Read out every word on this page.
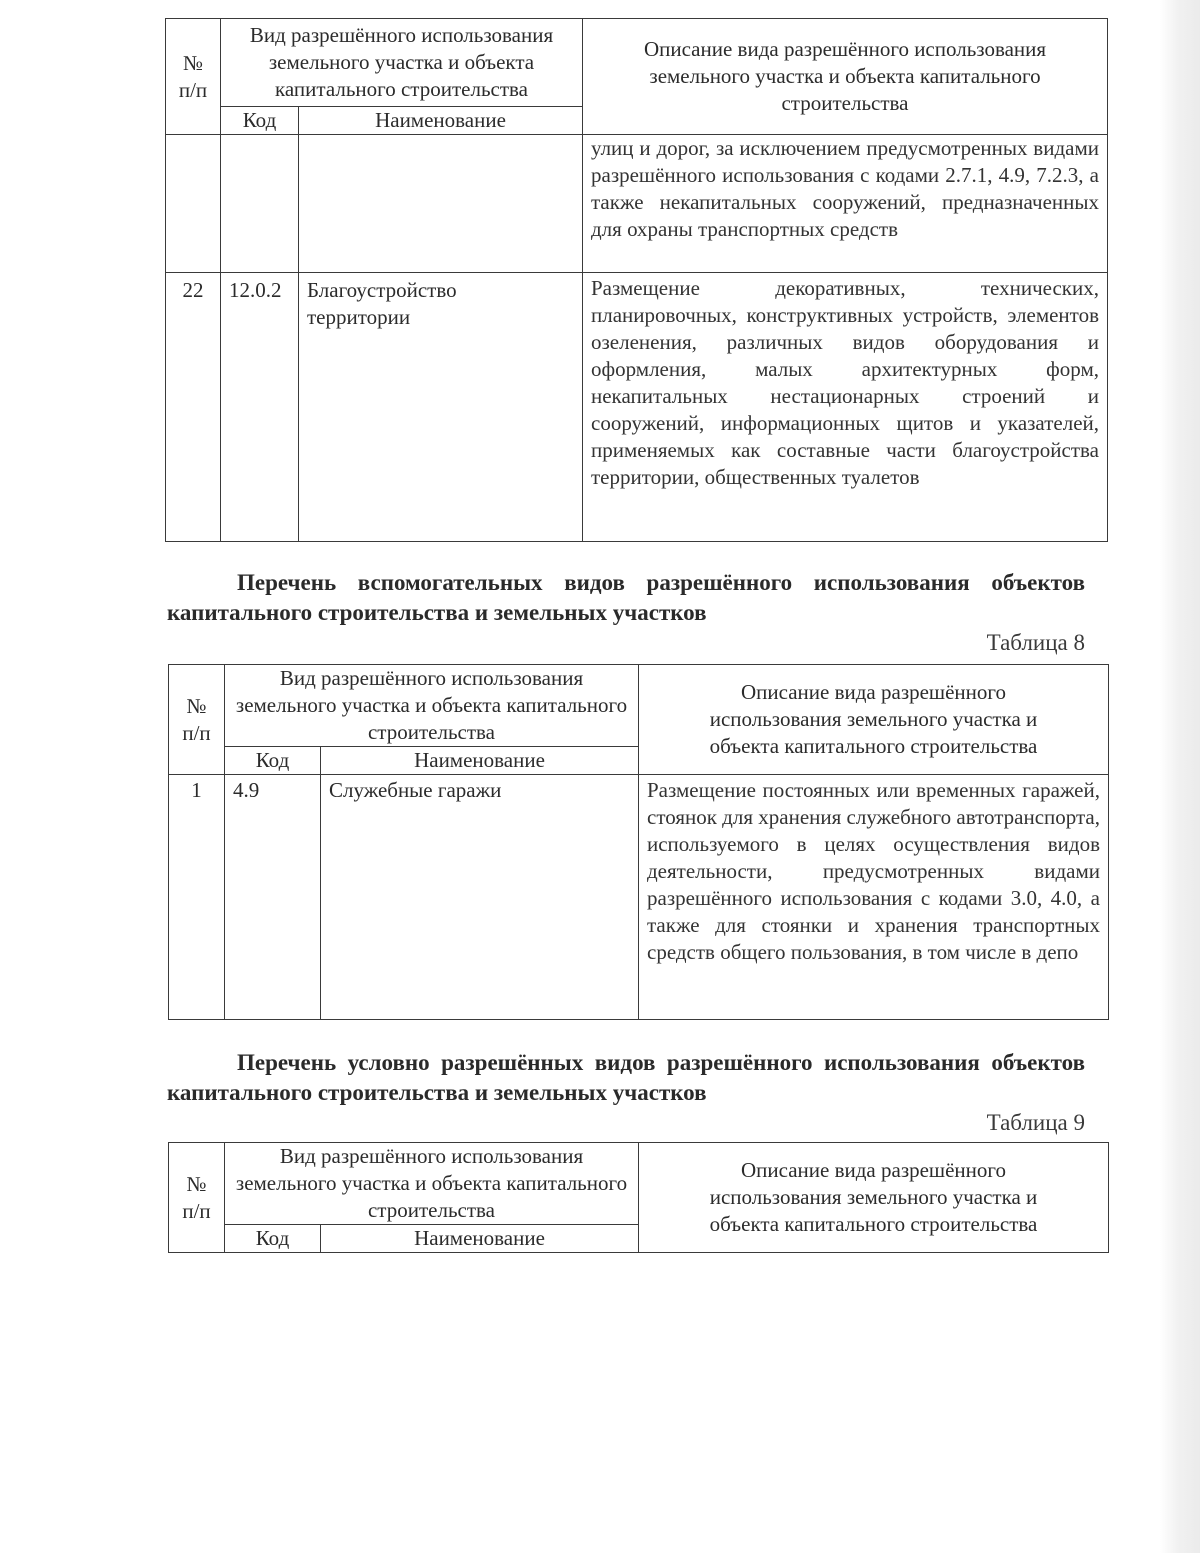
№ п/п	Вид разрешённого использования земельного участка и объекта капитального строительства		Описание вида разрешённого использования земельного участка и объекта капитального строительства
	Код	Наименование	

			улиц и дорог, за исключением предусмотренных видами разрешённого использования с кодами 2.7.1, 4.9, 7.2.3, а также некапитальных сооружений, предназначенных для охраны транспортных средств

22	12.0.2	Благоустройство территории	Размещение декоративных, технических, планировочных, конструктивных устройств, элементов озеленения, различных видов оборудования и оформления, малых архитектурных форм, некапитальных нестационарных строений и сооружений, информационных щитов и указателей, применяемых как составные части благоустройства территории, общественных туалетов
Перечень вспомогательных видов разрешённого использования объектов капитального строительства и земельных участков
Таблица 8
№ п/п	Вид разрешённого использования земельного участка и объекта капитального строительства		Описание вида разрешённого использования земельного участка и объекта капитального строительства
	Код	Наименование	
1	4.9	Служебные гаражи	Размещение постоянных или временных гаражей, стоянок для хранения служебного автотранспорта, используемого в целях осуществления видов деятельности, предусмотренных видами разрешённого использования с кодами 3.0, 4.0, а также для стоянки и хранения транспортных средств общего пользования, в том числе в депо
Перечень условно разрешённых видов разрешённого использования объектов капитального строительства и земельных участков
Таблица 9
№ п/п	Вид разрешённого использования земельного участка и объекта капитального строительства		Описание вида разрешённого использования земельного участка и объекта капитального строительства
	Код	Наименование	
